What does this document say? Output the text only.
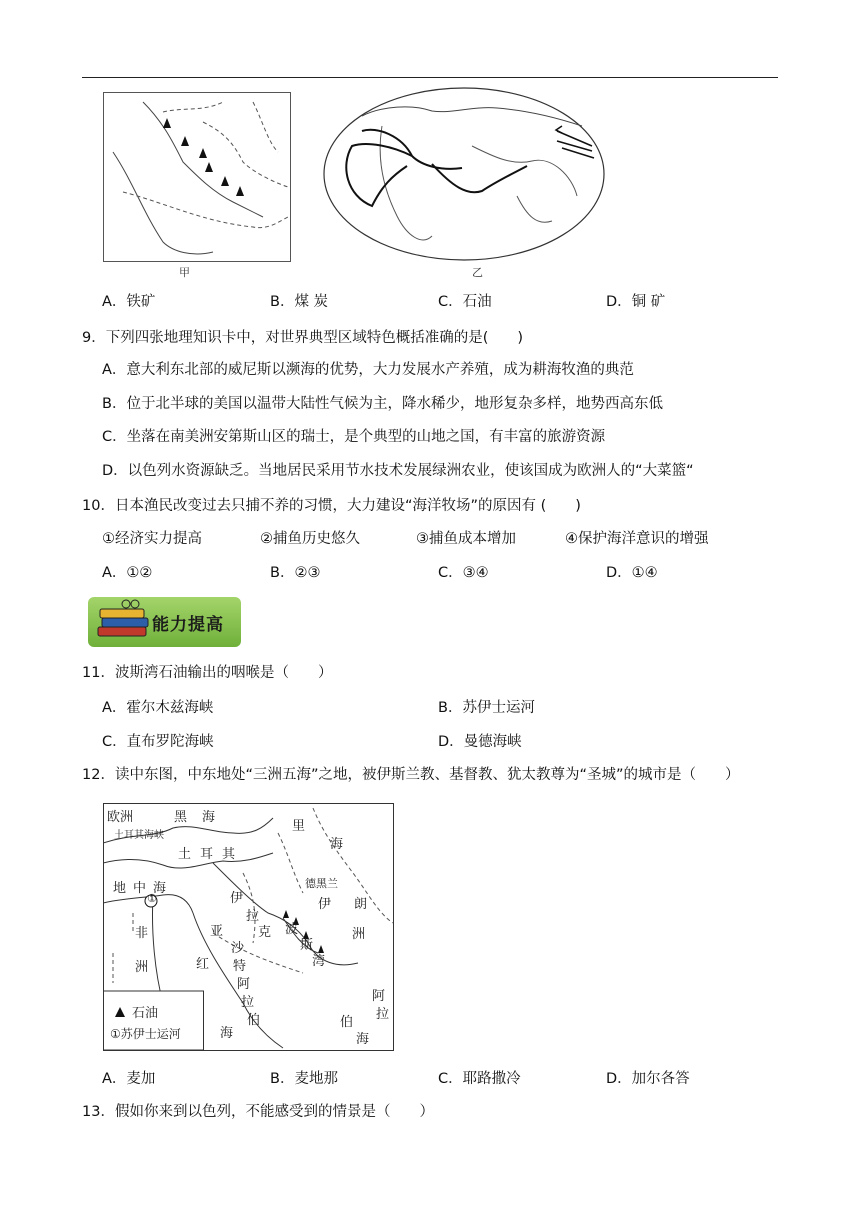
甲	乙
A．铁矿	B．煤 炭	C．石油	D．铜 矿
9．下列四张地理知识卡中，对世界典型区域特色概括准确的是(　　)
A．意大利东北部的威尼斯以濒海的优势，大力发展水产养殖，成为耕海牧渔的典范
B．位于北半球的美国以温带大陆性气候为主，降水稀少，地形复杂多样，地势西高东低
C．坐落在南美洲安第斯山区的瑞士，是个典型的山地之国，有丰富的旅游资源
D．以色列水资源缺乏。当地居民采用节水技术发展绿洲农业，使该国成为欧洲人的“大菜篮“
10．日本渔民改变过去只捕不养的习惯，大力建设“海洋牧场”的原因有 (　　)
①经济实力提高	②捕鱼历史悠久	③捕鱼成本增加	④保护海洋意识的增强
A．①②	B．②③	C．③④	D．①④
能力提高
11．波斯湾石油输出的咽喉是（　　）
A．霍尔木兹海峡	B．苏伊士运河
C．直布罗陀海峡	D．曼德海峡
12．读中东图，中东地处“三洲五海”之地，被伊斯兰教、基督教、犹太教尊为“圣城”的城市是（　　）
欧洲	黑 海
里
海
土 耳 其
土耳其海峡
地 中 海
伊
拉
克
德黑兰
伊 朗
亚	洲
非
洲
沙
特
阿
拉
伯
波
斯
湾
红
海
阿
拉
伯
海
①
石油
①苏伊士运河
A．麦加	B．麦地那	C．耶路撒冷	D．加尔各答
13．假如你来到以色列，不能感受到的情景是（　　）
